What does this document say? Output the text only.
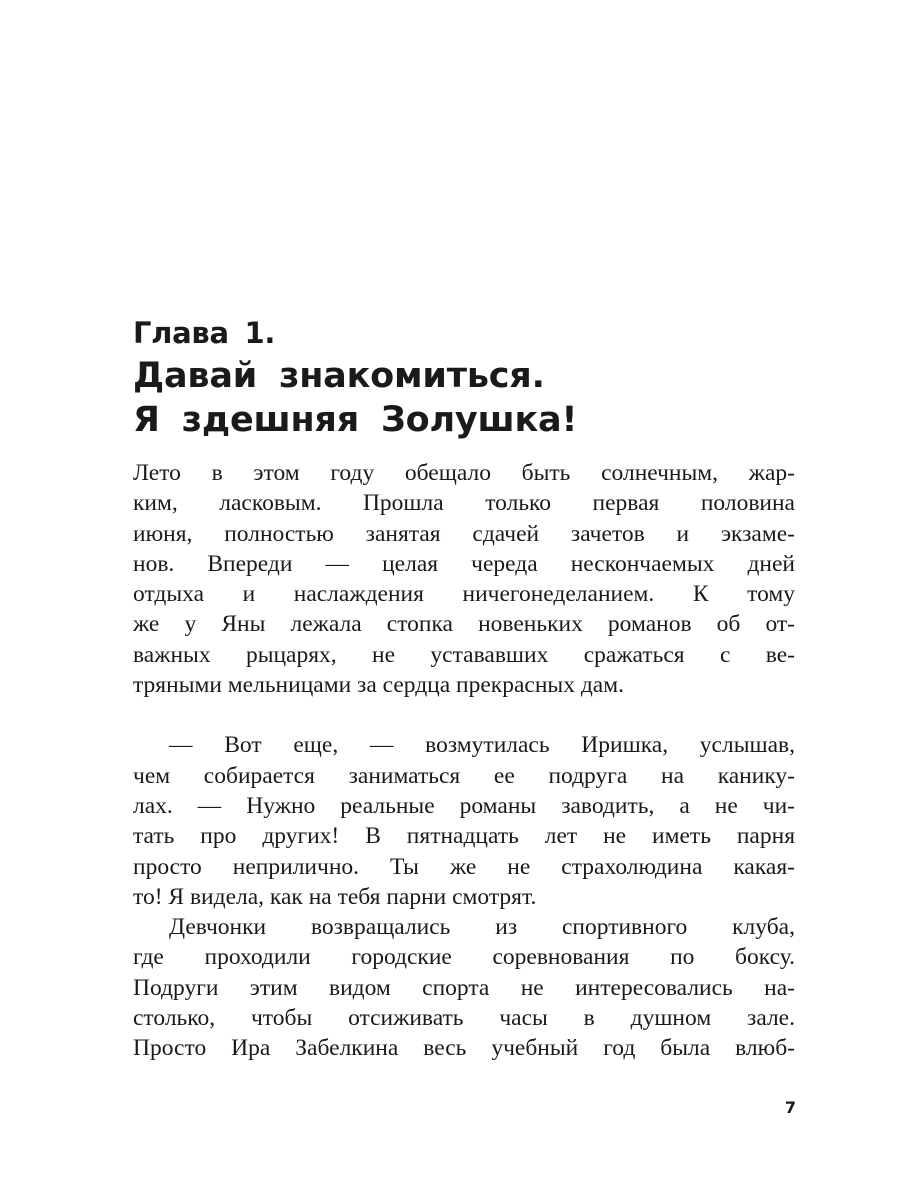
Глава 1.
Давай знакомиться.
Я здешняя Золушка!
Лето в этом году обещало быть солнечным, жар-
ким, ласковым. Прошла только первая половина
июня, полностью занятая сдачей зачетов и экзаме-
нов. Впереди — целая череда нескончаемых дней
отдыха и наслаждения ничегонеделанием. К тому
же у Яны лежала стопка новеньких романов об от-
важных рыцарях, не устававших сражаться с ве-
тряными мельницами за сердца прекрасных дам.
— Вот еще, — возмутилась Иришка, услышав,
чем собирается заниматься ее подруга на канику-
лах. — Нужно реальные романы заводить, а не чи-
тать про других! В пятнадцать лет не иметь парня
просто неприлично. Ты же не страхолюдина какая-
то! Я видела, как на тебя парни смотрят.
Девчонки возвращались из спортивного клуба,
где проходили городские соревнования по боксу.
Подруги этим видом спорта не интересовались на-
столько, чтобы отсиживать часы в душном зале.
Просто Ира Забелкина весь учебный год была влюб-
7
